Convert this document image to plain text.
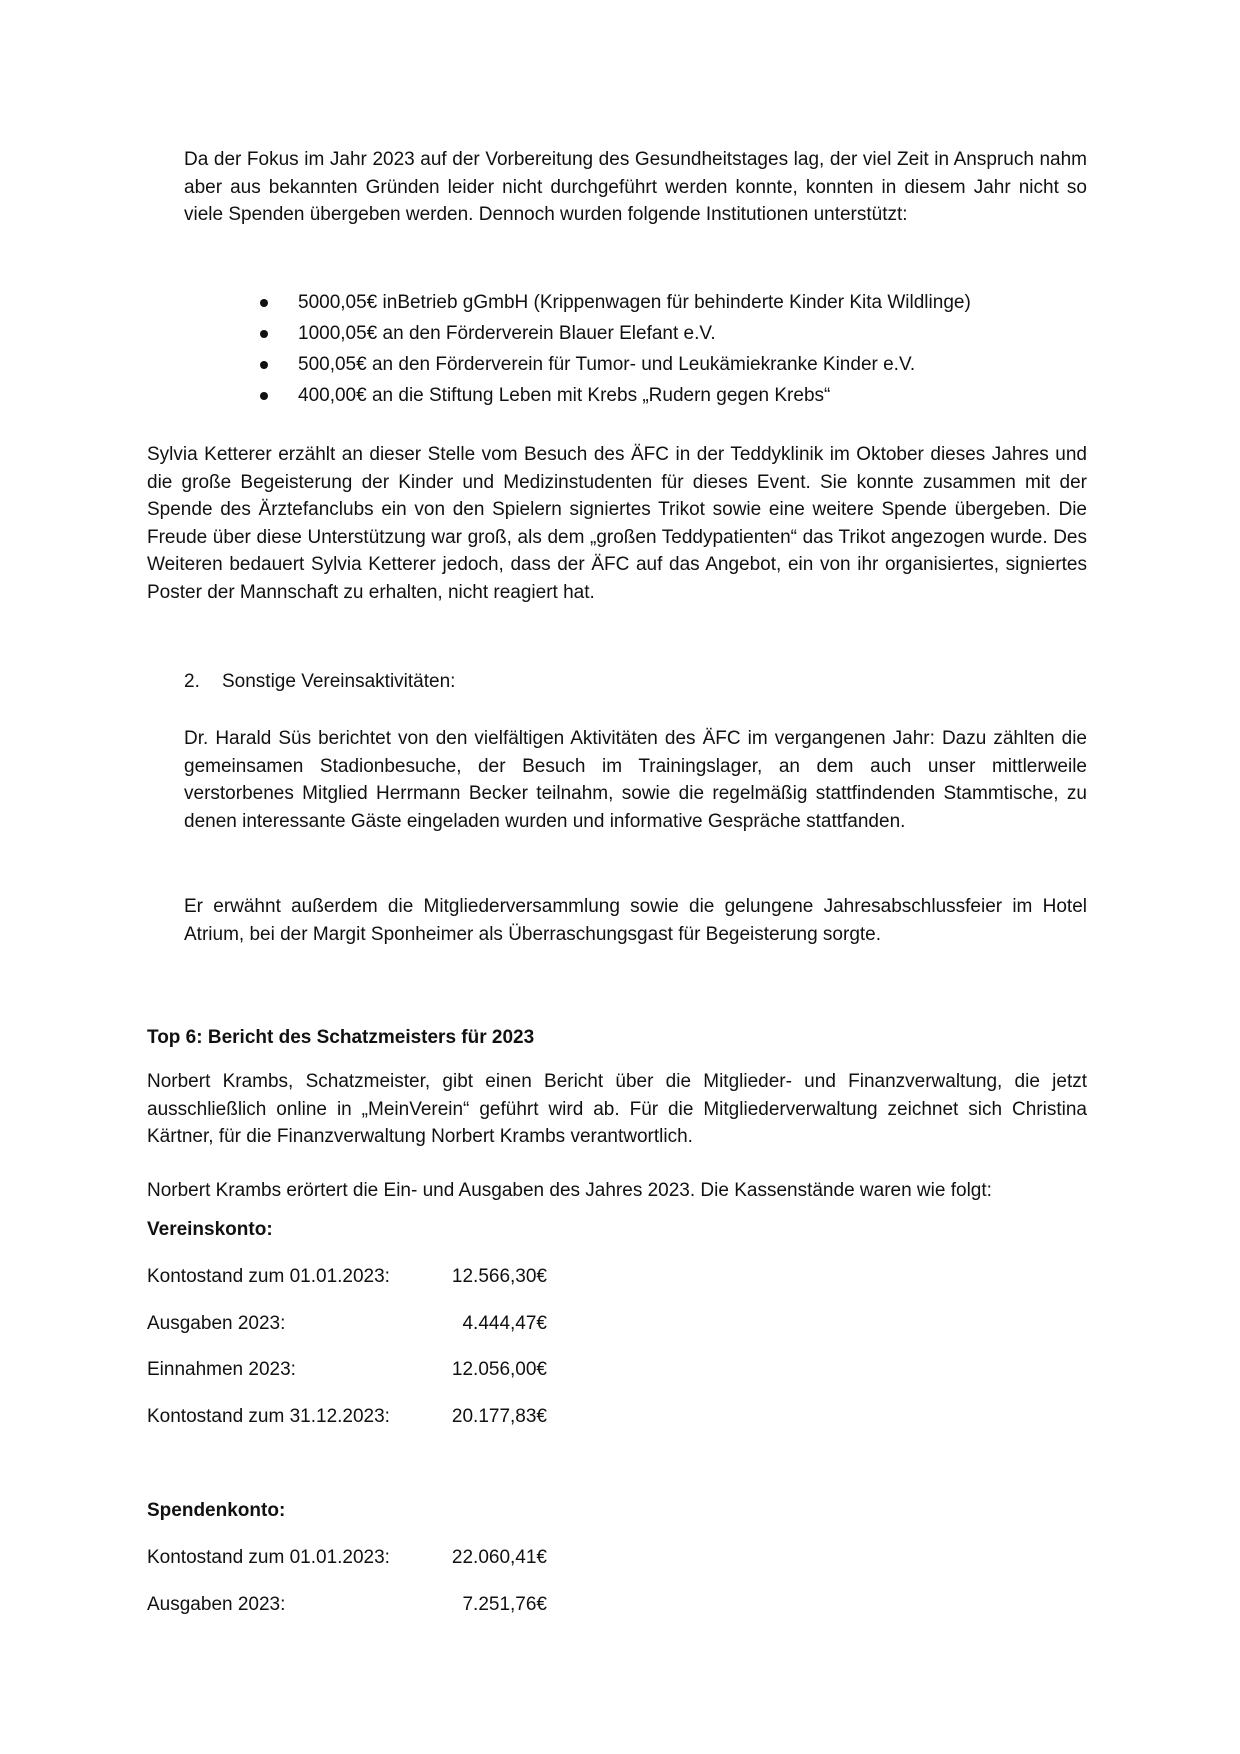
Da der Fokus im Jahr 2023 auf der Vorbereitung des Gesundheitstages lag, der viel Zeit in Anspruch nahm aber aus bekannten Gründen leider nicht durchgeführt werden konnte, konnten in diesem Jahr nicht so viele Spenden übergeben werden. Dennoch wurden folgende Institutionen unterstützt:

5000,05€ inBetrieb gGmbH (Krippenwagen für behinderte Kinder Kita Wildlinge)
1000,05€ an den Förderverein Blauer Elefant e.V.
500,05€ an den Förderverein für Tumor- und Leukämiekranke Kinder e.V.
400,00€ an die Stiftung Leben mit Krebs „Rudern gegen Krebs“

Sylvia Ketterer erzählt an dieser Stelle vom Besuch des ÄFC in der Teddyklinik im Oktober dieses Jahres und die große Begeisterung der Kinder und Medizinstudenten für dieses Event. Sie konnte zusammen mit der Spende des Ärztefanclubs ein von den Spielern signiertes Trikot sowie eine weitere Spende übergeben. Die Freude über diese Unterstützung war groß, als dem „großen Teddypatienten“ das Trikot angezogen wurde. Des Weiteren bedauert Sylvia Ketterer jedoch, dass der ÄFC auf das Angebot, ein von ihr organisiertes, signiertes Poster der Mannschaft zu erhalten, nicht reagiert hat.

2. Sonstige Vereinsaktivitäten:

Dr. Harald Süs berichtet von den vielfältigen Aktivitäten des ÄFC im vergangenen Jahr: Dazu zählten die gemeinsamen Stadionbesuche, der Besuch im Trainingslager, an dem auch unser mittlerweile verstorbenes Mitglied Herrmann Becker teilnahm, sowie die regelmäßig stattfindenden Stammtische, zu denen interessante Gäste eingeladen wurden und informative Gespräche stattfanden.

Er erwähnt außerdem die Mitgliederversammlung sowie die gelungene Jahresabschlussfeier im Hotel Atrium, bei der Margit Sponheimer als Überraschungsgast für Begeisterung sorgte.

Top 6: Bericht des Schatzmeisters für 2023

Norbert Krambs, Schatzmeister, gibt einen Bericht über die Mitglieder- und Finanzverwaltung, die jetzt ausschließlich online in „MeinVerein“ geführt wird ab. Für die Mitgliederverwaltung zeichnet sich Christina Kärtner, für die Finanzverwaltung Norbert Krambs verantwortlich.

Norbert Krambs erörtert die Ein- und Ausgaben des Jahres 2023. Die Kassenstände waren wie folgt:

Vereinskonto:
Kontostand zum 01.01.2023:	12.566,30€
Ausgaben 2023:	4.444,47€
Einnahmen 2023:	12.056,00€
Kontostand zum 31.12.2023:	20.177,83€
Spendenkonto:
Kontostand zum 01.01.2023:	22.060,41€
Ausgaben 2023:	7.251,76€
